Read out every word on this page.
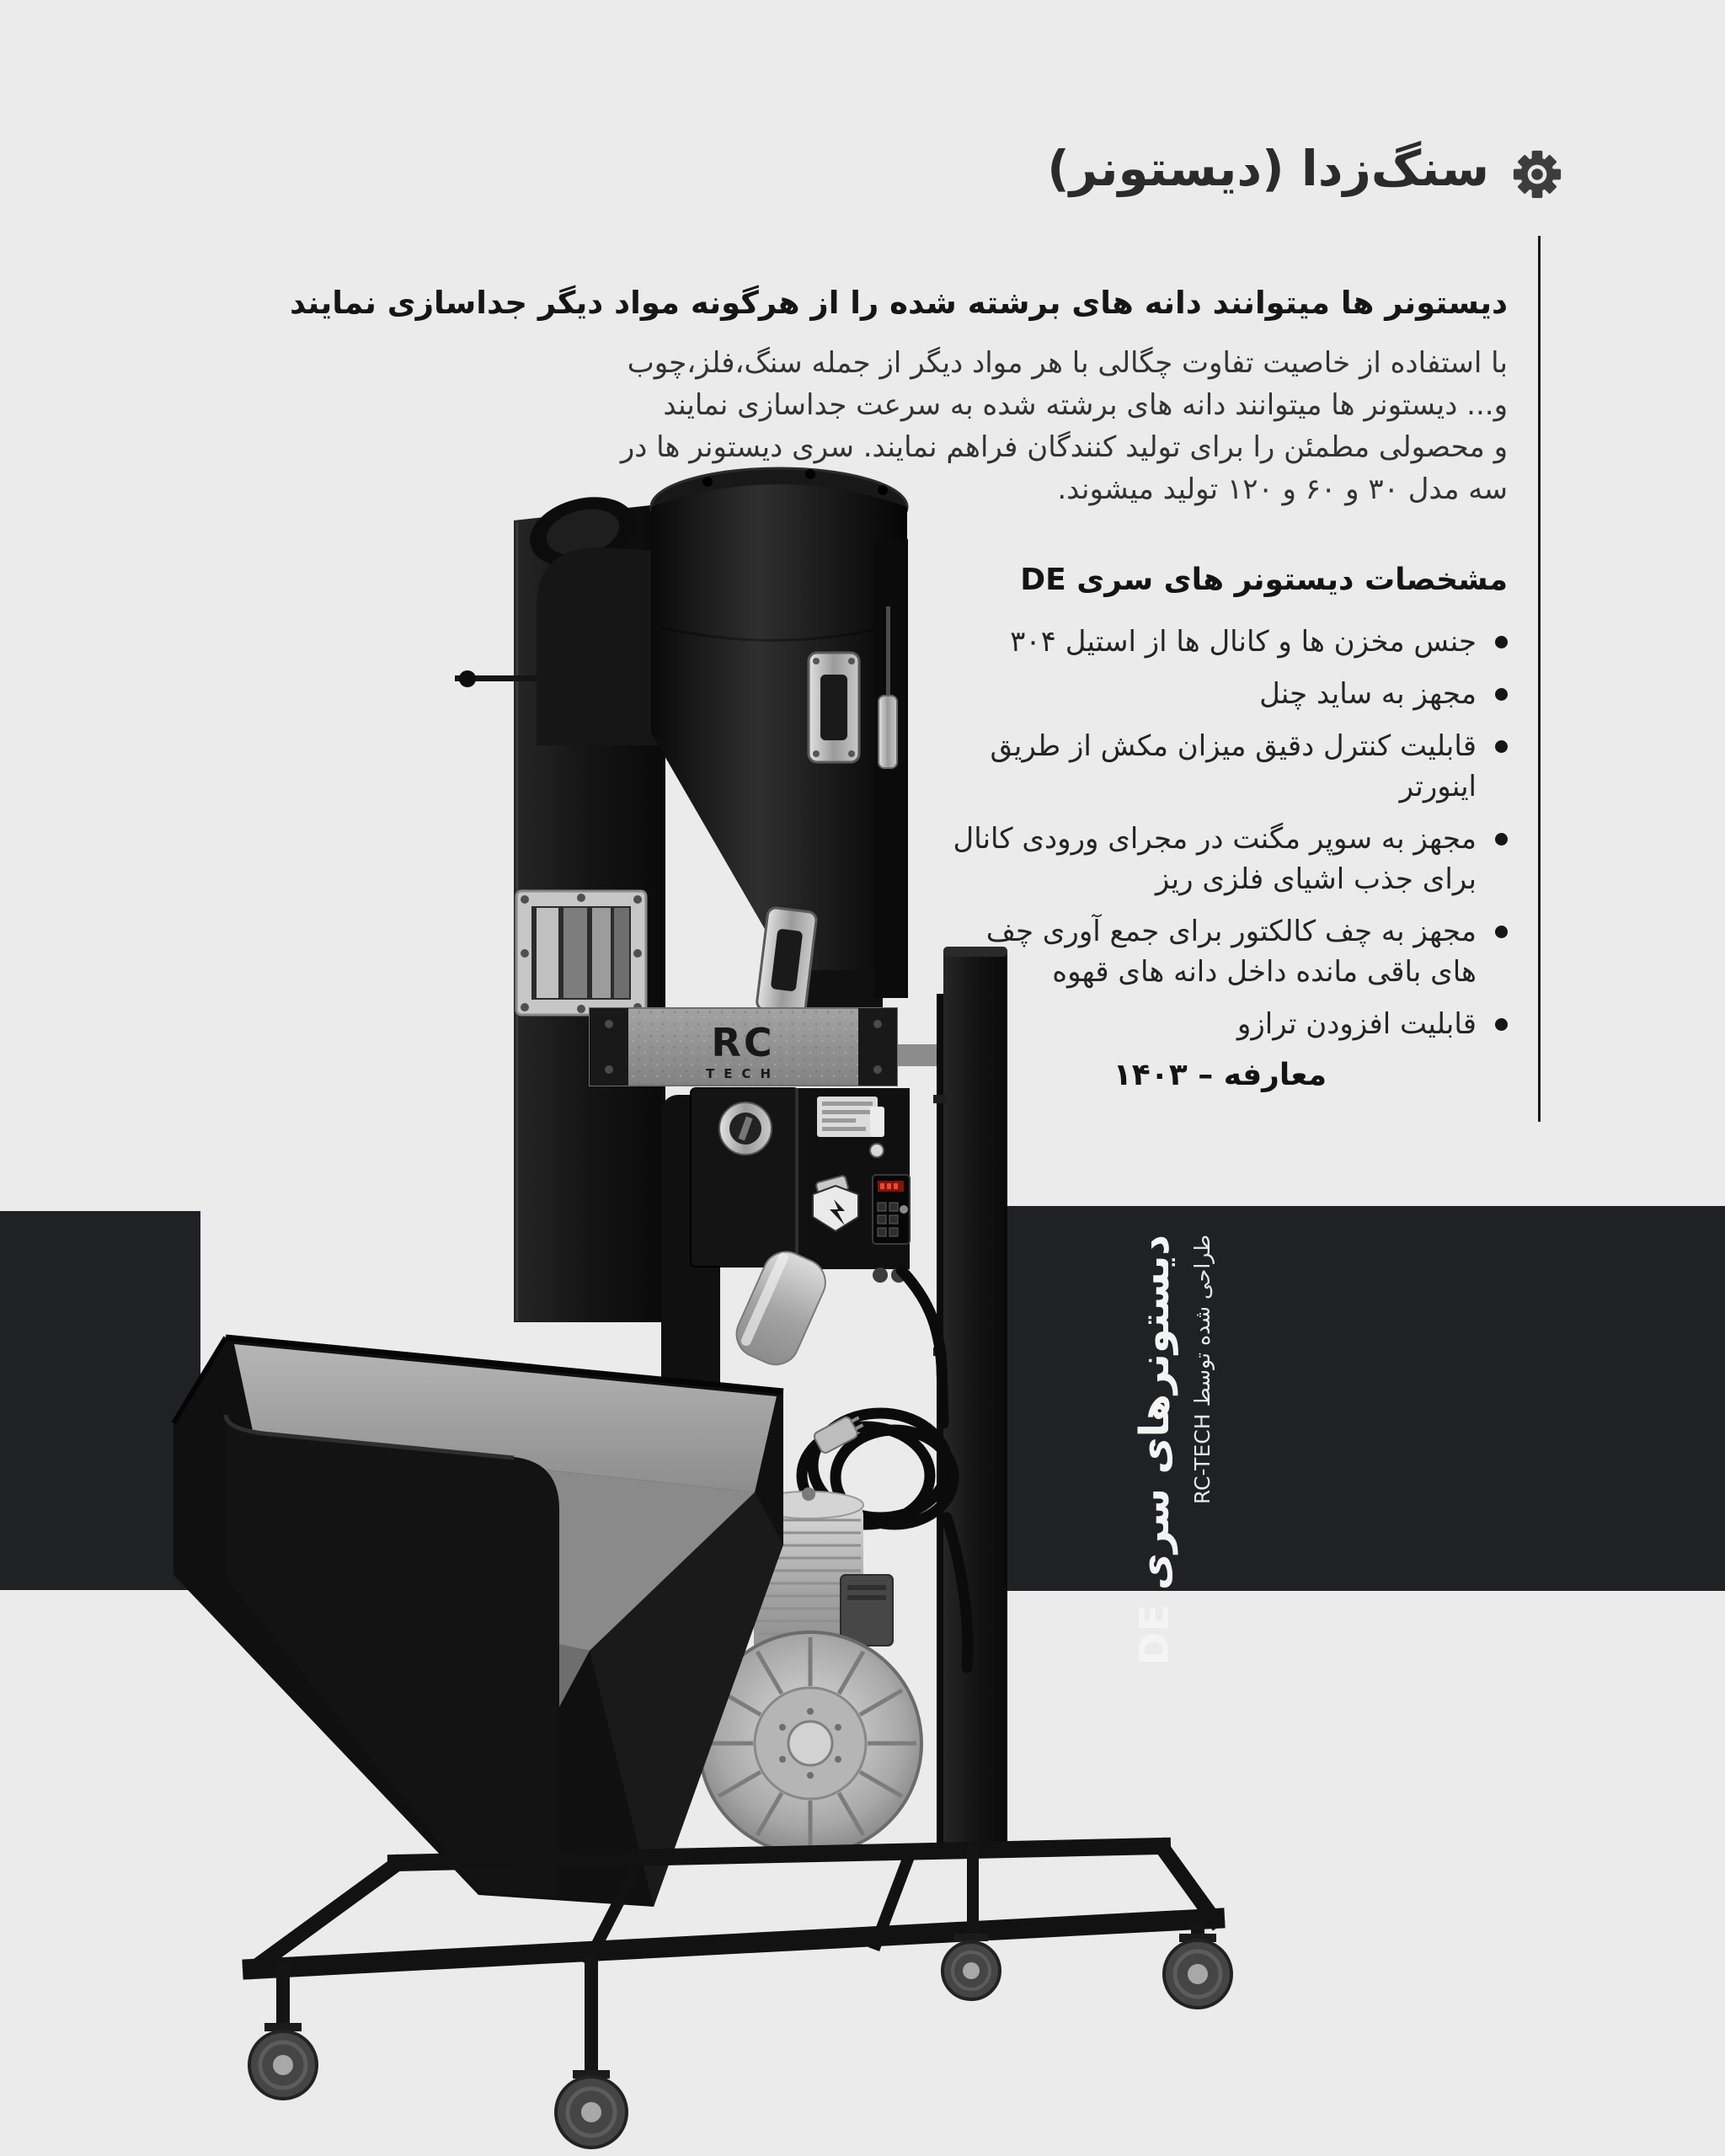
دیستونرهای سری DE طراحی شده توسط RC-TECH
RC
TECH
سنگ‌زدا (دیستونر)
دیستونر ها میتوانند دانه های برشته شده را از هرگونه مواد دیگر جداسازی نمایند
با استفاده از خاصیت تفاوت چگالی با هر مواد دیگر از جمله سنگ،فلز،چوب
و... دیستونر ها میتوانند دانه های برشته شده به سرعت جداسازی نمایند
و محصولی مطمئن را برای تولید کنندگان فراهم نمایند. سری دیستونر ها در
سه مدل ۳۰ و ۶۰ و ۱۲۰ تولید میشوند.
مشخصات دیستونر های سری DE
جنس مخزن ها و کانال ها از استیل ۳۰۴
مجهز به ساید چنل
قابلیت کنترل دقیق میزان مکش از طریق اینورتر
مجهز به سوپر مگنت در مجرای ورودی کانال برای جذب اشیای فلزی ریز
مجهز به چف کالکتور برای جمع آوری چف های باقی مانده داخل دانه های قهوه
قابلیت افزودن ترازو
معارفه – ۱۴۰۳
